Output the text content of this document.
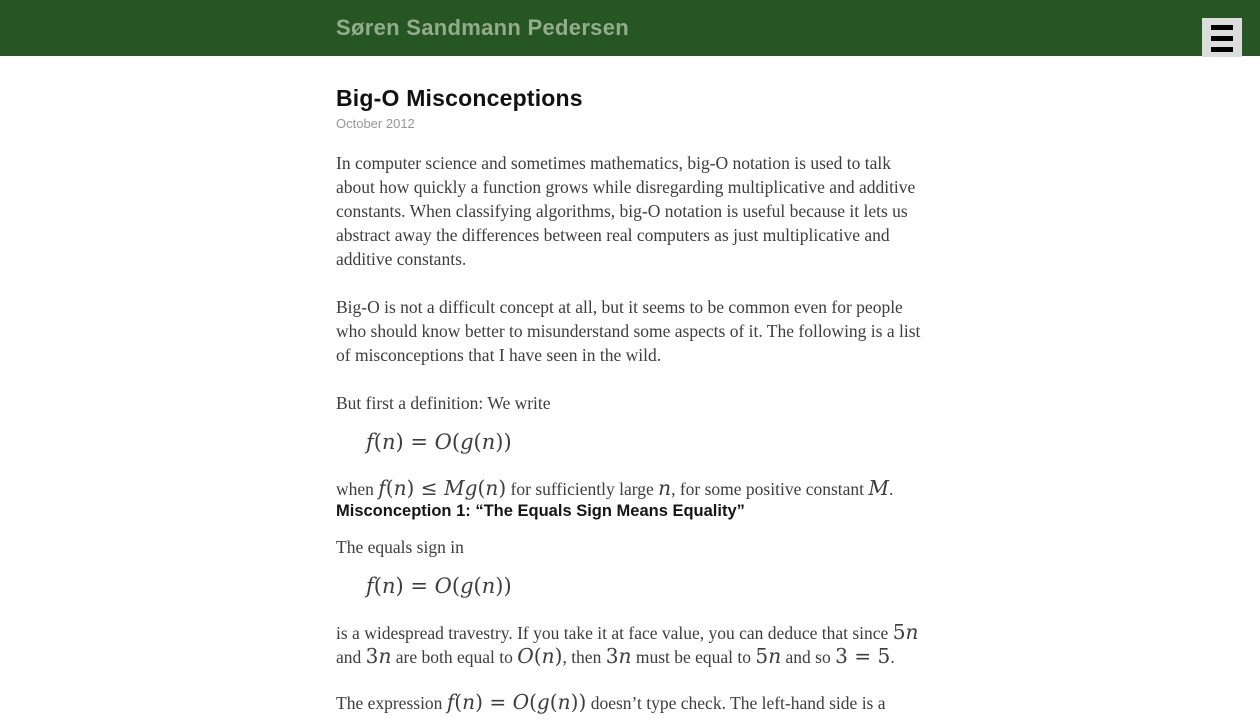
Søren Sandmann Pedersen
Big-O Misconceptions
October 2012

In computer science and sometimes mathematics, big-O notation is used to talk about how quickly a function grows while disregarding multiplicative and additive constants. When classifying algorithms, big-O notation is useful because it lets us abstract away the differences between real computers as just multiplicative and additive constants.

Big-O is not a difficult concept at all, but it seems to be common even for people who should know better to misunderstand some aspects of it. The following is a list of misconceptions that I have seen in the wild.

But first a definition: We write

f(n) = O(g(n))

when f(n) ≤ Mg(n) for sufficiently large n, for some positive constant M.

Misconception 1: “The Equals Sign Means Equality”

The equals sign in

f(n) = O(g(n))

is a widespread travestry. If you take it at face value, you can deduce that since 5n and 3n are both equal to O(n), then 3n must be equal to 5n and so 3 = 5.

The expression f(n) = O(g(n)) doesn’t type check. The left-hand side is a
